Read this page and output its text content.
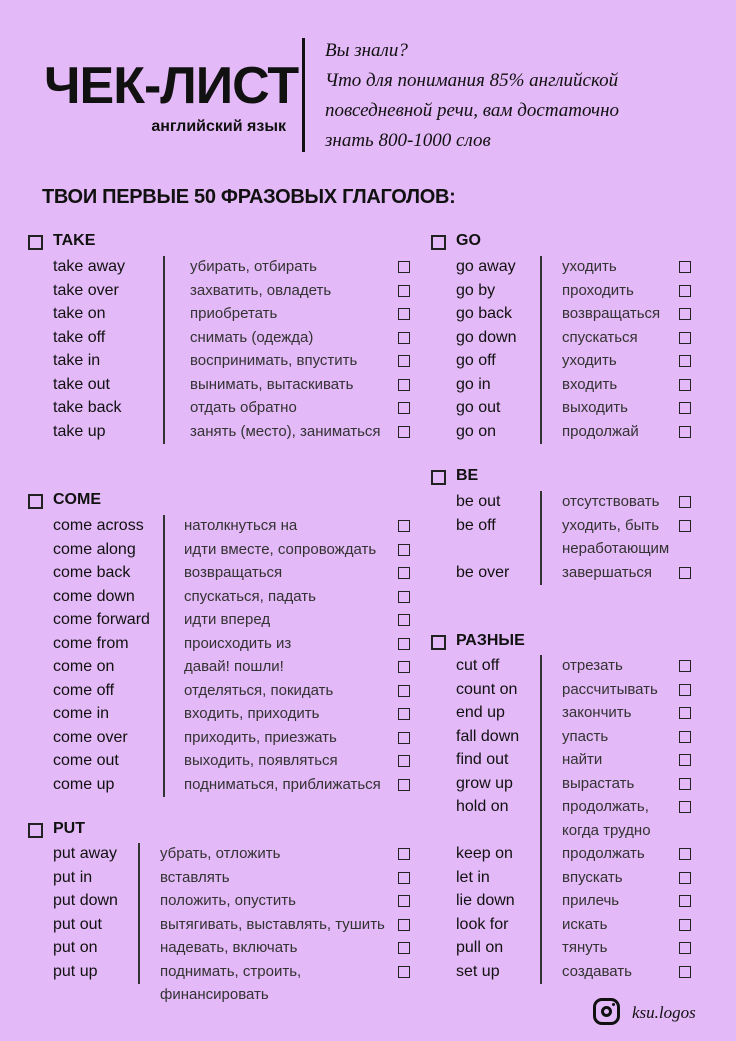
ЧЕК-ЛИСТ
английский язык
Вы знали?
Что для понимания 85% английской
повседневной речи, вам достаточно
знать 800-1000 слов
ТВОИ ПЕРВЫЕ 50 ФРАЗОВЫХ ГЛАГОЛОВ:
TAKE
take away	убирать, отбирать
take over	захватить, овладеть
take on	приобретать
take off	снимать (одежда)
take in	воспринимать, впустить
take out	вынимать, вытаскивать
take back	отдать обратно
take up	занять (место), заниматься
COME
come across	натолкнуться на
come along	идти вместе, сопровождать
come back	возвращаться
come down	спускаться, падать
come forward идти вперед
come from	происходить из
come on	давай! пошли!
come off	отделяться, покидать
come in	входить, приходить
come over	приходить, приезжать
come out	выходить, появляться
come up	подниматься, приближаться
PUT
put away	убрать, отложить
put in	вставлять
put down	положить, опустить
put out	вытягивать, выставлять, тушить
put on	надевать, включать
put up	поднимать, строить,
финансировать
GO
go away	уходить
go by	проходить
go back	возвращаться
go down	спускаться
go off	уходить
go in	входить
go out	выходить
go on	продолжай
BE
be out	отсутствовать
be off	уходить, быть
неработающим
be over	завершаться
РАЗНЫЕ
cut off	отрезать
count on	рассчитывать
end up	закончить
fall down	упасть
find out	найти
grow up	вырастать
hold on	продолжать,
когда трудно
keep on	продолжать
let in	впускать
lie down	прилечь
look for	искать
pull on	тянуть
set up	создавать
ksu.logos
